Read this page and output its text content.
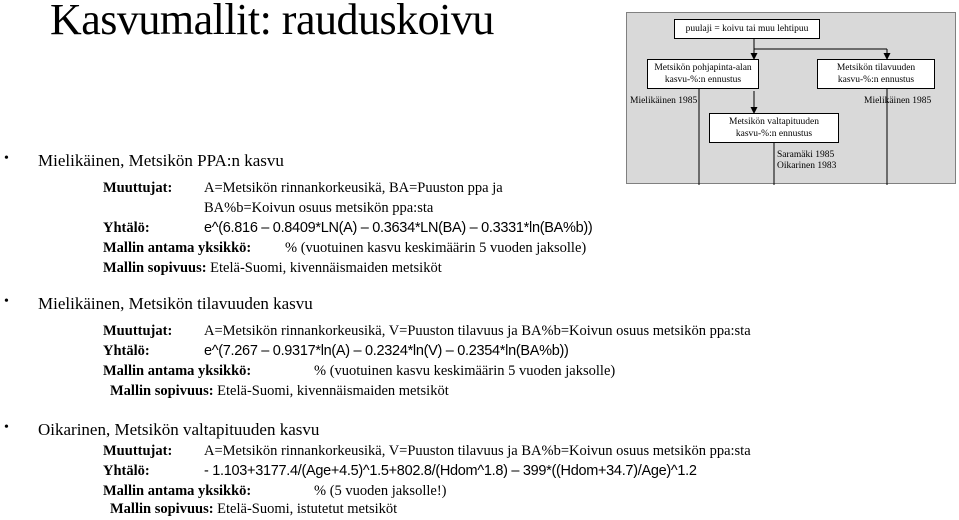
Kasvumallit: rauduskoivu	puulaji = koivu tai muu lehtipuu
Metsikön pohjapinta-alan
kasvu-%:n ennustus
Metsikön tilavuuden
kasvu-%:n ennustus
Mielikäinen 1985	Mielikäinen 1985
Metsikön valtapituuden
kasvu-%:n ennustus
Saramäki 1985
Oikarinen 1983
• Mielikäinen, Metsikön PPA:n kasvu
Muuttujat: A=Metsikön rinnankorkeusikä, BA=Puuston ppa ja
BA%b=Koivun osuus metsikön ppa:sta
Yhtälö:	e^(6.816 – 0.8409*LN(A) – 0.3634*LN(BA) – 0.3331*ln(BA%b))
Mallin antama yksikkö: % (vuotuinen kasvu keskimäärin 5 vuoden jaksolle)
Mallin sopivuus: Etelä-Suomi, kivennäismaiden metsiköt
• Mielikäinen, Metsikön tilavuuden kasvu
Muuttujat: A=Metsikön rinnankorkeusikä, V=Puuston tilavuus ja BA%b=Koivun osuus metsikön ppa:sta
Yhtälö:	e^(7.267 – 0.9317*ln(A) – 0.2324*ln(V) – 0.2354*ln(BA%b))
Mallin antama yksikkö:	% (vuotuinen kasvu keskimäärin 5 vuoden jaksolle)
Mallin sopivuus: Etelä-Suomi, kivennäismaiden metsiköt
• Oikarinen, Metsikön valtapituuden kasvu
Muuttujat: A=Metsikön rinnankorkeusikä, V=Puuston tilavuus ja BA%b=Koivun osuus metsikön ppa:sta
Yhtälö:	- 1.103+3177.4/(Age+4.5)^1.5+802.8/(Hdom^1.8) – 399*((Hdom+34.7)/Age)^1.2
Mallin antama yksikkö:	% (5 vuoden jaksolle!)
Mallin sopivuus: Etelä-Suomi, istutetut metsiköt
